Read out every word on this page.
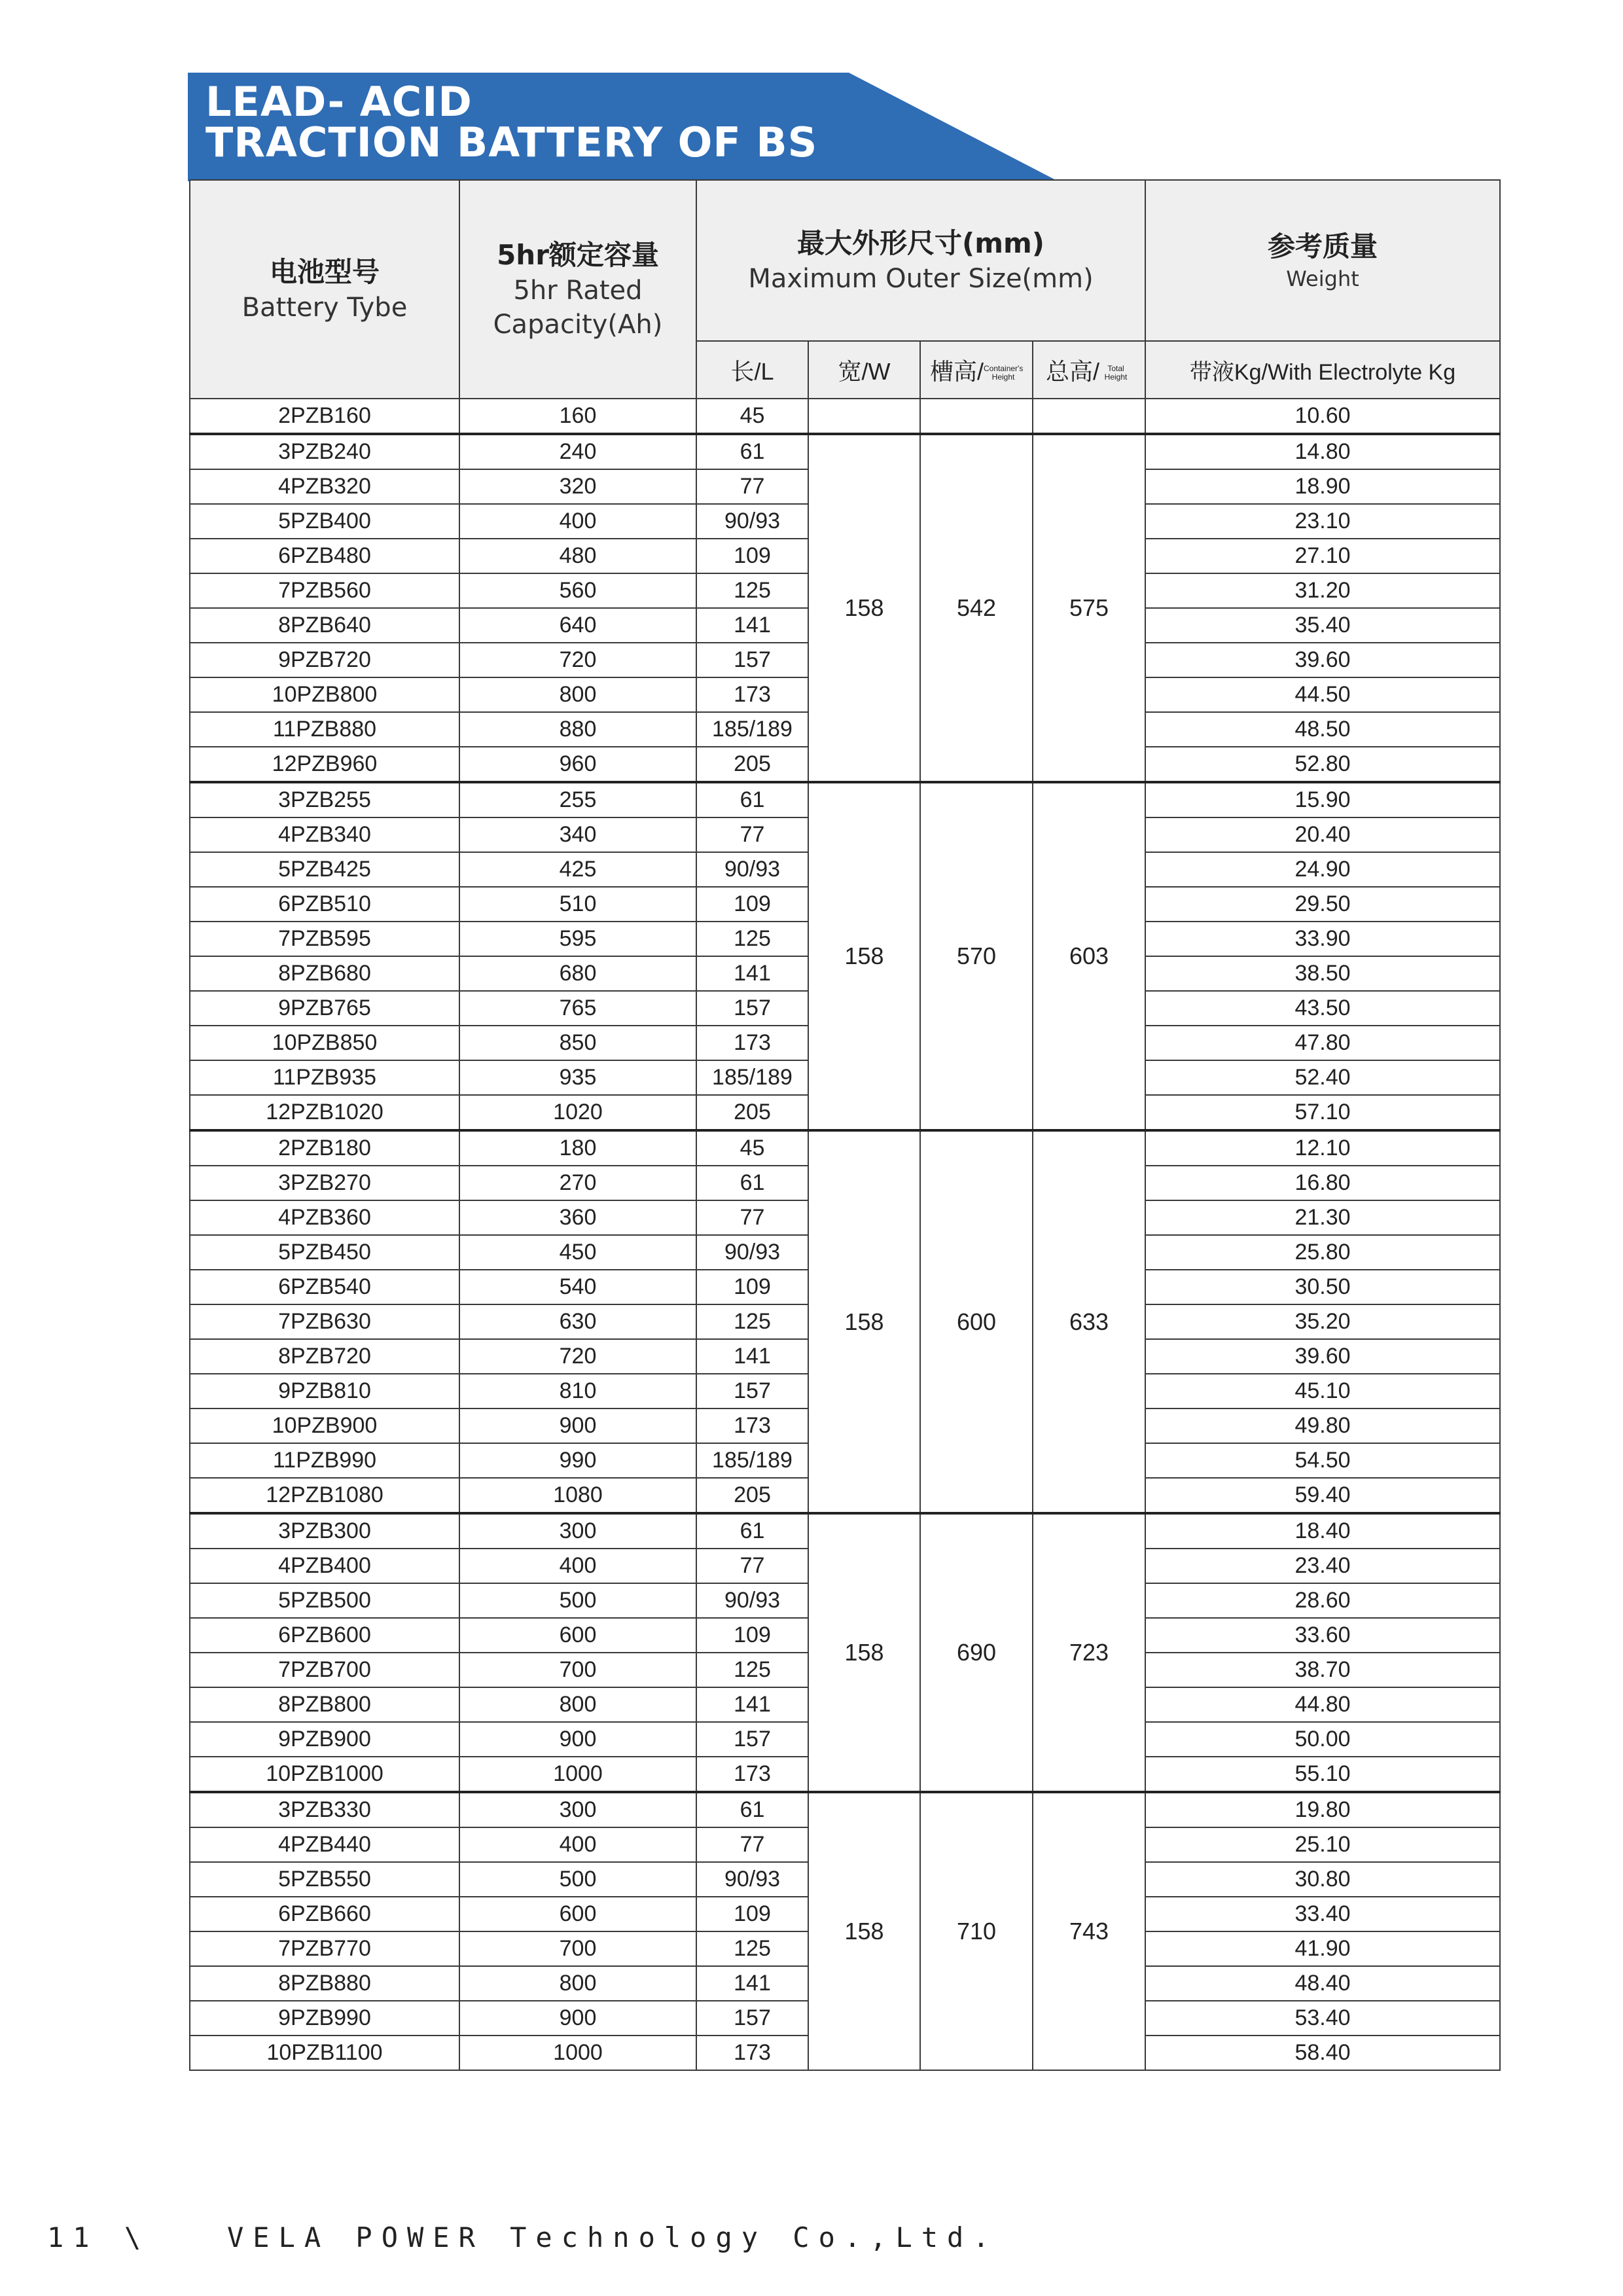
LEAD- ACID
TRACTION BATTERY OF BS
电池型号
Battery Tybe	5hr额定容量
5hr Rated Capacity(Ah)	最大外形尺寸(mm)
Maximum Outer Size(mm)				参考质量
Weight

		长/L	宽/W	槽高/Container's Height	总高/ Total Height	带液Kg/With Electrolyte Kg
2PZB160	160	45				10.60
3PZB240	240	61	158	542	575	14.80
4PZB320	320	77				18.90
5PZB400	400	90/93				23.10
6PZB480	480	109				27.10
7PZB560	560	125				31.20
8PZB640	640	141				35.40
9PZB720	720	157				39.60
10PZB800	800	173				44.50
11PZB880	880	185/189				48.50
12PZB960	960	205				52.80
3PZB255	255	61	158	570	603	15.90
4PZB340	340	77				20.40
5PZB425	425	90/93				24.90
6PZB510	510	109				29.50
7PZB595	595	125				33.90
8PZB680	680	141				38.50
9PZB765	765	157				43.50
10PZB850	850	173				47.80
11PZB935	935	185/189				52.40
12PZB1020	1020	205				57.10
2PZB180	180	45	158	600	633	12.10
3PZB270	270	61				16.80
4PZB360	360	77				21.30
5PZB450	450	90/93				25.80
6PZB540	540	109				30.50
7PZB630	630	125				35.20
8PZB720	720	141				39.60
9PZB810	810	157				45.10
10PZB900	900	173				49.80
11PZB990	990	185/189				54.50
12PZB1080	1080	205				59.40
3PZB300	300	61	158	690	723	18.40
4PZB400	400	77				23.40
5PZB500	500	90/93				28.60
6PZB600	600	109				33.60
7PZB700	700	125				38.70
8PZB800	800	141				44.80
9PZB900	900	157				50.00
10PZB1000	1000	173				55.10
3PZB330	300	61	158	710	743	19.80
4PZB440	400	77				25.10
5PZB550	500	90/93				30.80
6PZB660	600	109				33.40
7PZB770	700	125				41.90
8PZB880	800	141				48.40
9PZB990	900	157				53.40
10PZB1100	1000	173				58.40
11 \   VELA POWER Technology Co.,Ltd.
